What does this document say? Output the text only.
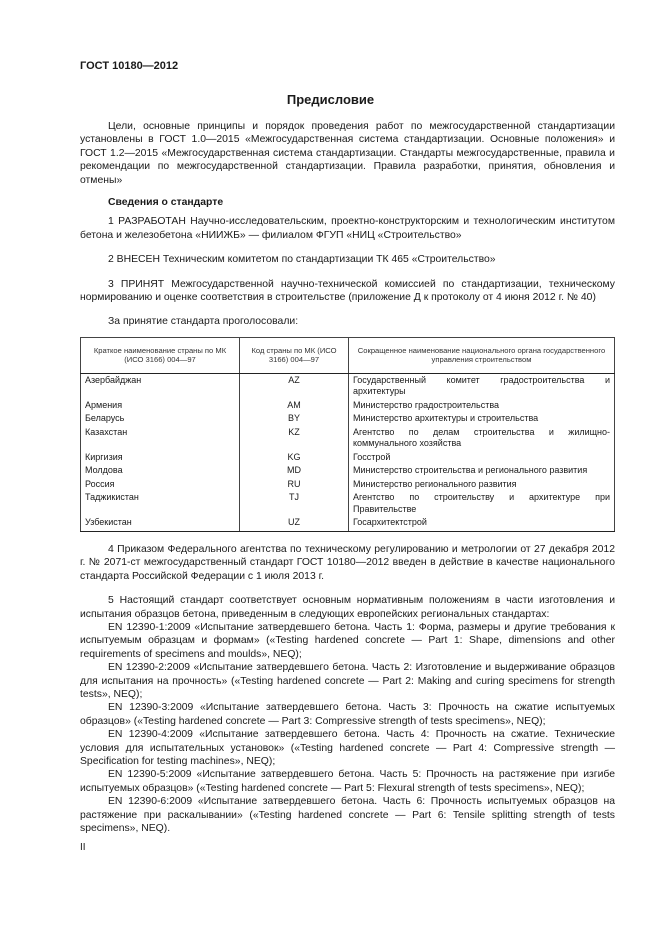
ГОСТ 10180—2012
Предисловие

Цели, основные принципы и порядок проведения работ по межгосударственной стандартизации установлены в ГОСТ 1.0—2015 «Межгосударственная система стандартизации. Основные положения» и ГОСТ 1.2—2015 «Межгосударственная система стандартизации. Стандарты межгосударственные, правила и рекомендации по межгосударственной стандартизации. Правила разработки, принятия, обновления и отмены»

Сведения о стандарте

1 РАЗРАБОТАН Научно-исследовательским, проектно-конструкторским и технологическим институтом бетона и железобетона «НИИЖБ» — филиалом ФГУП «НИЦ «Строительство»

2 ВНЕСЕН Техническим комитетом по стандартизации ТК 465 «Строительство»

3 ПРИНЯТ Межгосударственной научно-технической комиссией по стандартизации, техническому нормированию и оценке соответствия в строительстве (приложение Д к протоколу от 4 июня 2012 г. № 40)

За принятие стандарта проголосовали:

Краткое наименование страны по МК (ИСО 3166) 004—97	Код страны по МК (ИСО 3166) 004—97	Сокращенное наименование национального органа государственного управления строительством
Азербайджан	AZ	Государственный комитет градостроительства и архитектуры
Армения	AM	Министерство градостроительства
Беларусь	BY	Министерство архитектуры и строительства
Казахстан	KZ	Агентство по делам строительства и жилищно-коммунального хозяйства
Киргизия	KG	Госстрой
Молдова	MD	Министерство строительства и регионального развития
Россия	RU	Министерство регионального развития
Таджикистан	TJ	Агентство по строительству и архитектуре при Правительстве
Узбекистан	UZ	Госархитектстрой

4 Приказом Федерального агентства по техническому регулированию и метрологии от 27 декабря 2012 г. № 2071-ст межгосударственный стандарт ГОСТ 10180—2012 введен в действие в качестве национального стандарта Российской Федерации с 1 июля 2013 г.

5 Настоящий стандарт соответствует основным нормативным положениям в части изготовления и испытания образцов бетона, приведенным в следующих европейских региональных стандартах:

EN 12390-1:2009 «Испытание затвердевшего бетона. Часть 1: Форма, размеры и другие требования к испытуемым образцам и формам» («Testing hardened concrete — Part 1: Shape, dimensions and other requirements of specimens and moulds», NEQ);

EN 12390-2:2009 «Испытание затвердевшего бетона. Часть 2: Изготовление и выдерживание образцов для испытания на прочность» («Testing hardened concrete — Part 2: Making and curing specimens for strength tests», NEQ);

EN 12390-3:2009 «Испытание затвердевшего бетона. Часть 3: Прочность на сжатие испытуемых образцов» («Testing hardened concrete — Part 3: Compressive strength of tests specimens», NEQ);

EN 12390-4:2009 «Испытание затвердевшего бетона. Часть 4: Прочность на сжатие. Технические условия для испытательных установок» («Testing hardened concrete — Part 4: Compressive strength — Specification for testing machines», NEQ);

EN 12390-5:2009 «Испытание затвердевшего бетона. Часть 5: Прочность на растяжение при изгибе испытуемых образцов» («Testing hardened concrete — Part 5: Flexural strength of tests specimens», NEQ);

EN 12390-6:2009 «Испытание затвердевшего бетона. Часть 6: Прочность испытуемых образцов на растяжение при раскалывании» («Testing hardened concrete — Part 6: Tensile splitting strength of tests specimens», NEQ).

II
